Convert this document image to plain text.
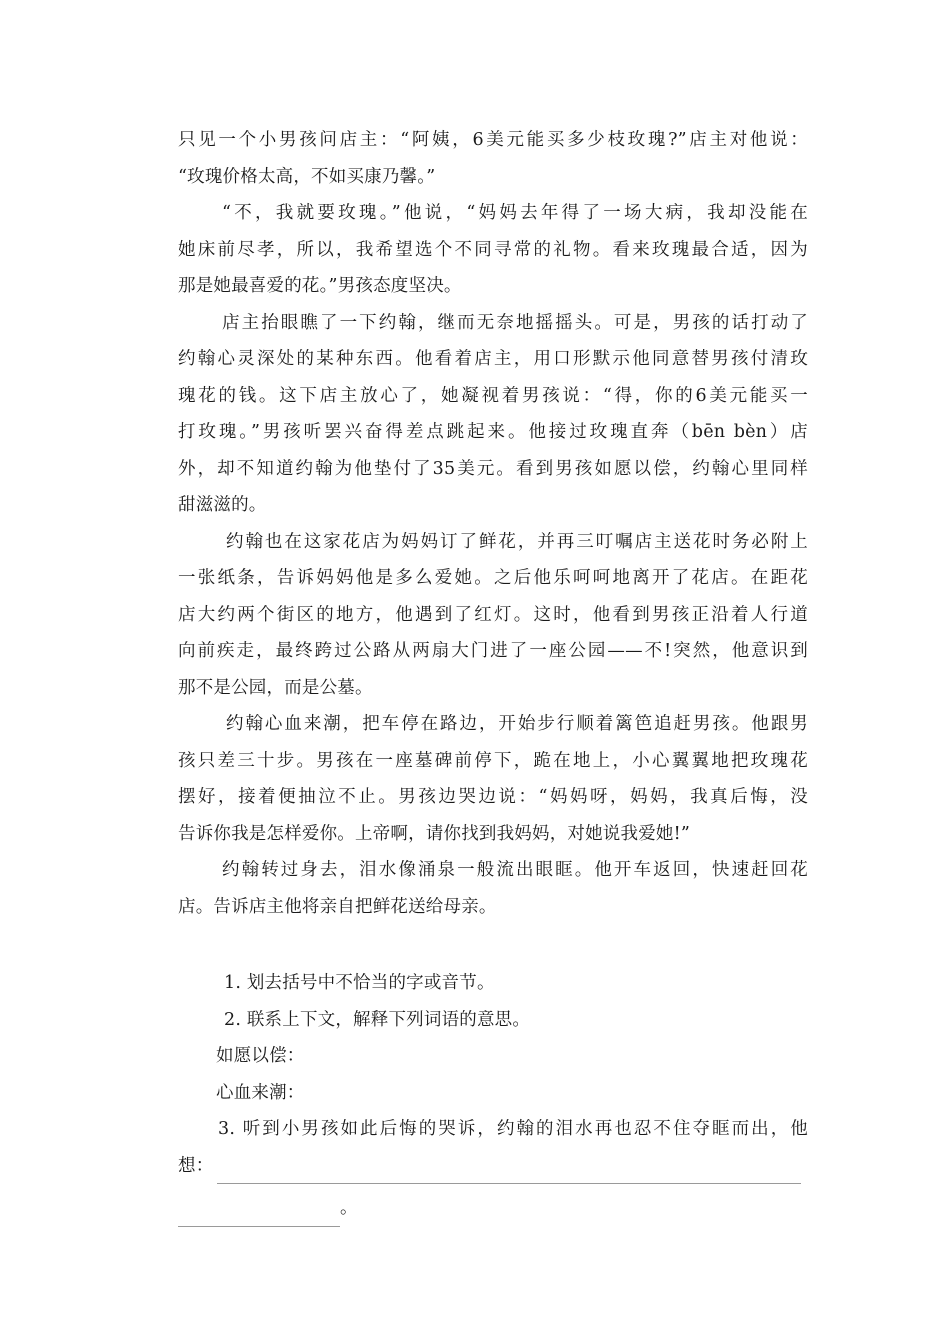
只见一个小男孩问店主：“阿姨，6美元能买多少枝玫瑰?”店主对他说：
“玫瑰价格太高，不如买康乃馨。”
“不，我就要玫瑰。”他说，“妈妈去年得了一场大病，我却没能在
她床前尽孝，所以，我希望选个不同寻常的礼物。看来玫瑰最合适，因为
那是她最喜爱的花。”男孩态度坚决。
店主抬眼瞧了一下约翰，继而无奈地摇摇头。可是，男孩的话打动了
约翰心灵深处的某种东西。他看着店主，用口形默示他同意替男孩付清玫
瑰花的钱。这下店主放心了，她凝视着男孩说：“得，你的6美元能买一
打玫瑰。”男孩听罢兴奋得差点跳起来。他接过玫瑰直奔（bēn bèn）店
外，却不知道约翰为他垫付了35美元。看到男孩如愿以偿，约翰心里同样
甜滋滋的。
约翰也在这家花店为妈妈订了鲜花，并再三叮嘱店主送花时务必附上
一张纸条，告诉妈妈他是多么爱她。之后他乐呵呵地离开了花店。在距花
店大约两个街区的地方，他遇到了红灯。这时，他看到男孩正沿着人行道
向前疾走，最终跨过公路从两扇大门进了一座公园——不!突然，他意识到
那不是公园，而是公墓。
约翰心血来潮，把车停在路边，开始步行顺着篱笆追赶男孩。他跟男
孩只差三十步。男孩在一座墓碑前停下，跪在地上，小心翼翼地把玫瑰花
摆好，接着便抽泣不止。男孩边哭边说：“妈妈呀，妈妈，我真后悔，没
告诉你我是怎样爱你。上帝啊，请你找到我妈妈，对她说我爱她!”
约翰转过身去，泪水像涌泉一般流出眼眶。他开车返回，快速赶回花
店。告诉店主他将亲自把鲜花送给母亲。
1. 划去括号中不恰当的字或音节。
2. 联系上下文，解释下列词语的意思。
如愿以偿：
心血来潮：
3. 听到小男孩如此后悔的哭诉，约翰的泪水再也忍不住夺眶而出，他
想：
。
